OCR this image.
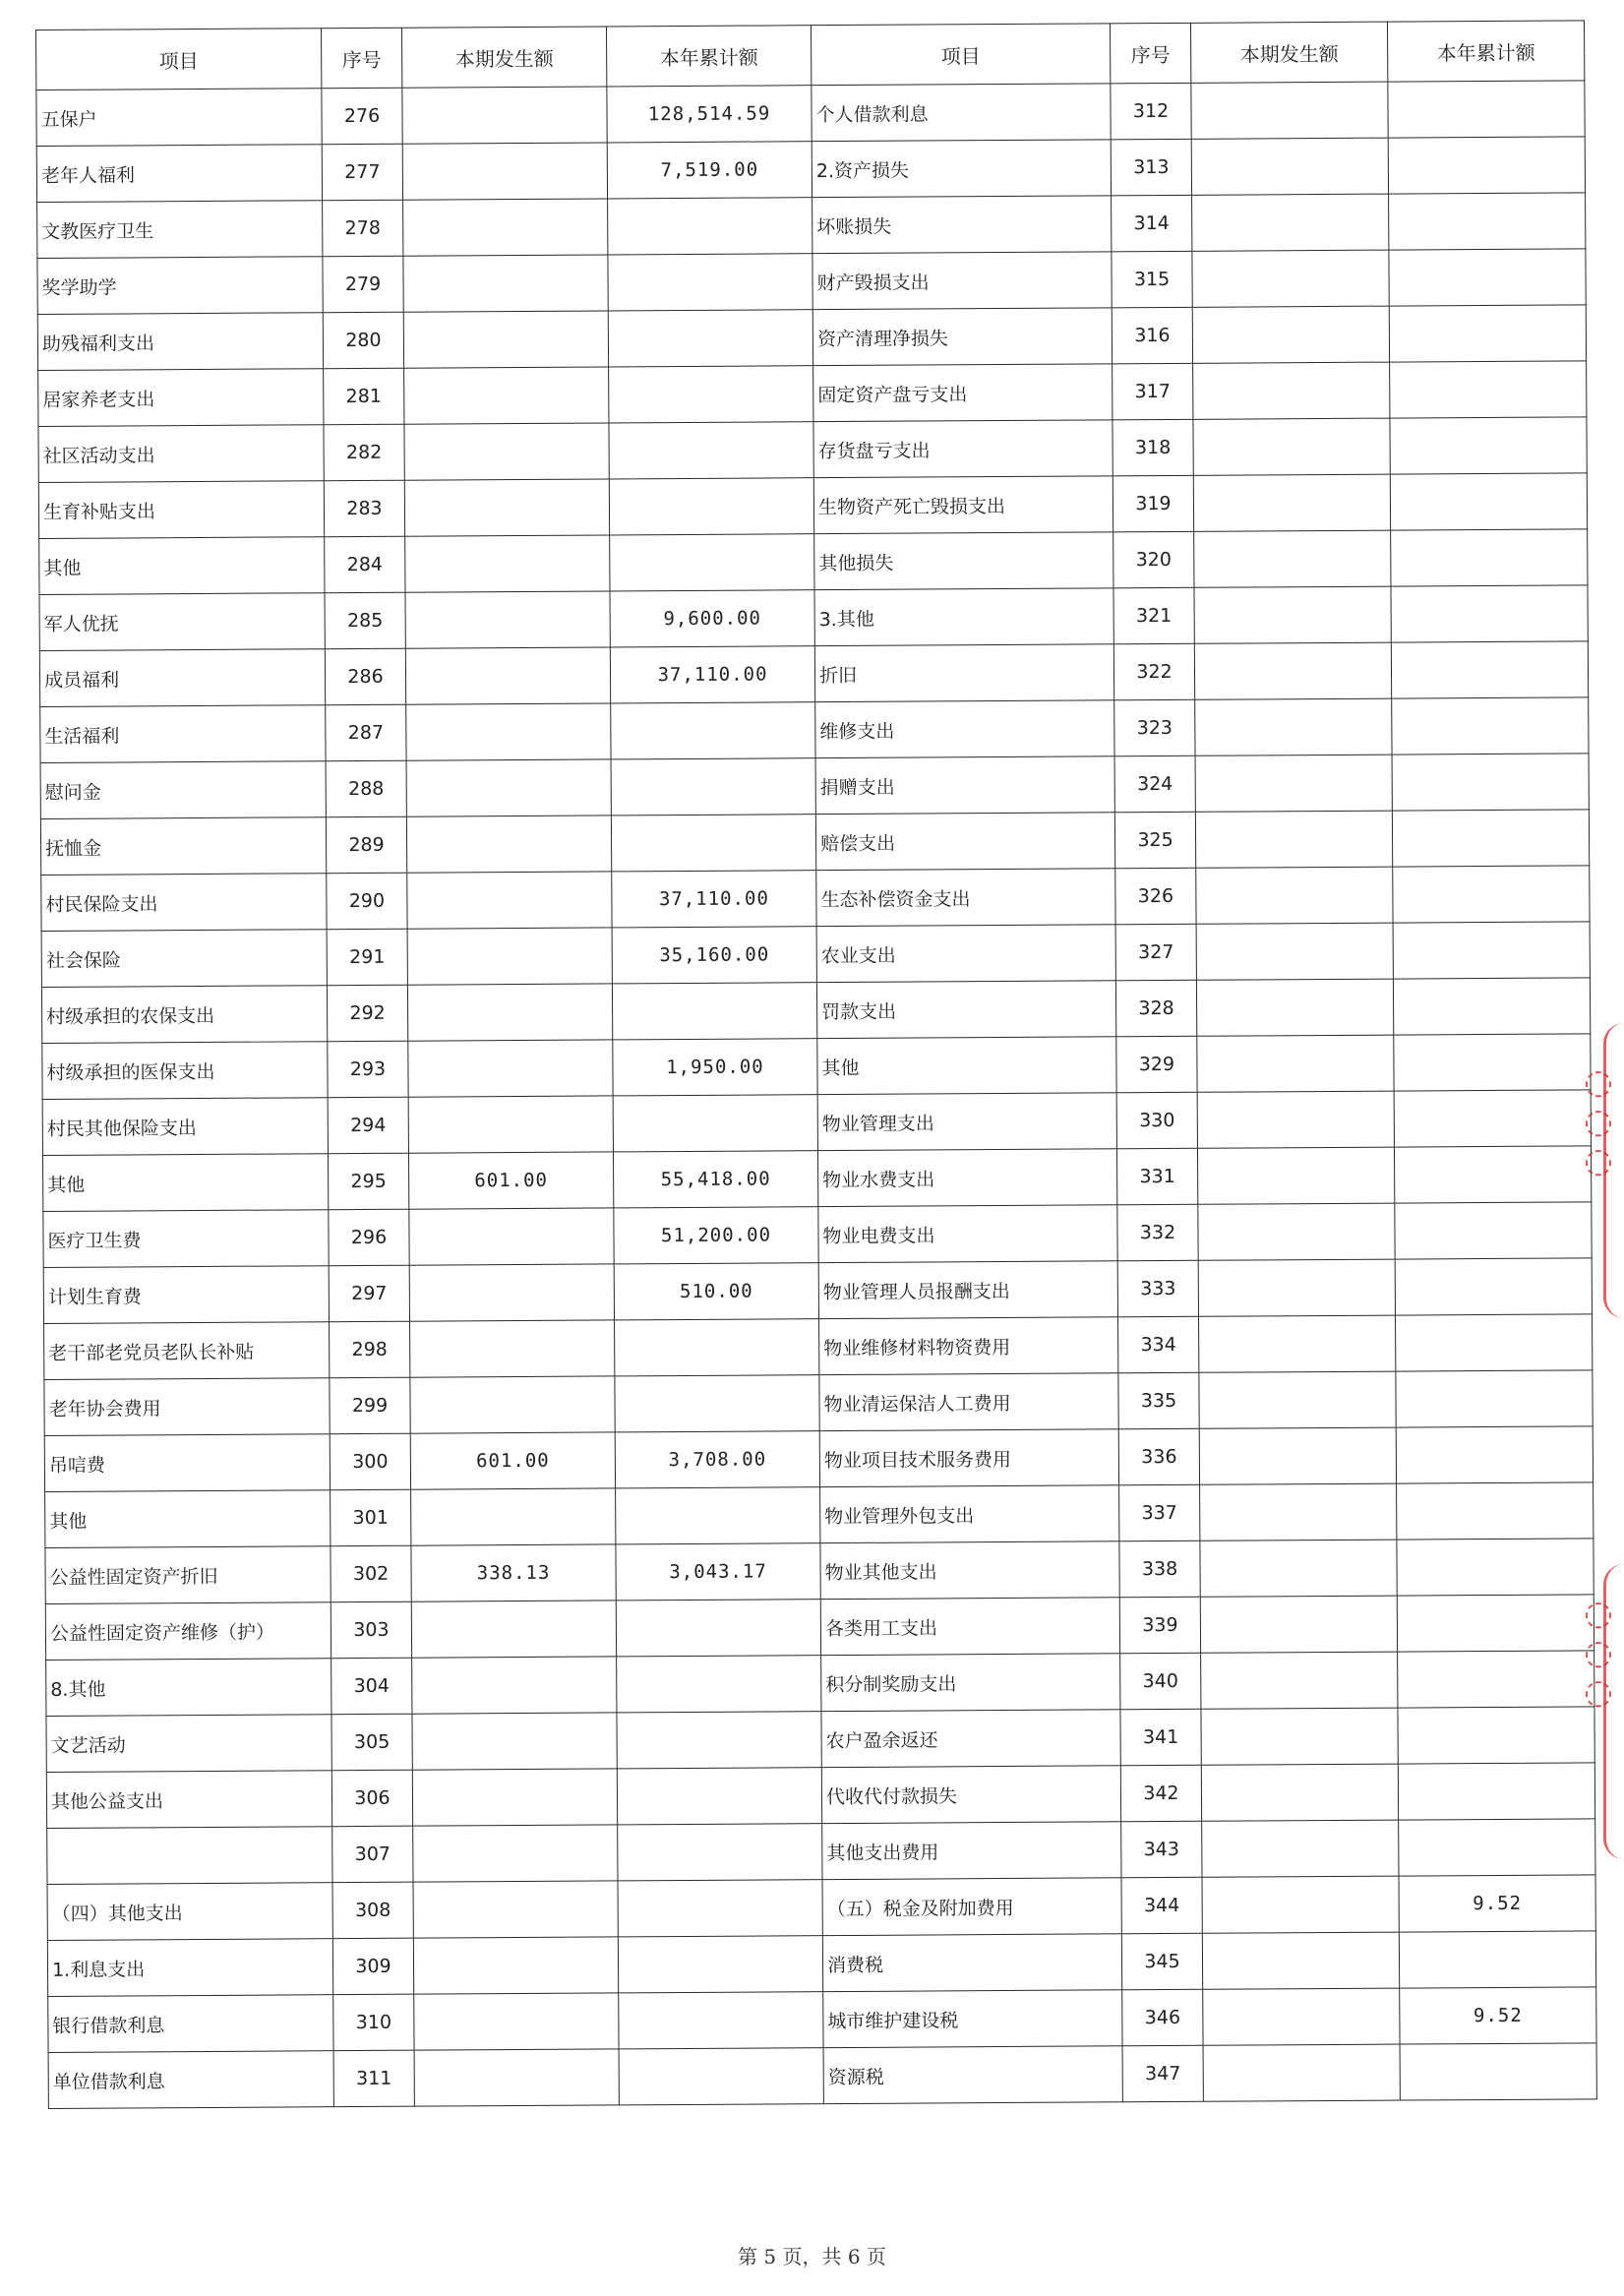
项目	序号	本期发生额	本年累计额	项目	序号	本期发生额	本年累计额
五保户	276		128,514.59	个人借款利息	312		
老年人福利	277		7,519.00	2.资产损失	313		
文教医疗卫生	278			坏账损失	314		
奖学助学	279			财产毁损支出	315		
助残福利支出	280			资产清理净损失	316		
居家养老支出	281			固定资产盘亏支出	317		
社区活动支出	282			存货盘亏支出	318		
生育补贴支出	283			生物资产死亡毁损支出	319		
其他	284			其他损失	320		
军人优抚	285		9,600.00	3.其他	321		
成员福利	286		37,110.00	折旧	322		
生活福利	287			维修支出	323		
慰问金	288			捐赠支出	324		
抚恤金	289			赔偿支出	325		
村民保险支出	290		37,110.00	生态补偿资金支出	326		
社会保险	291		35,160.00	农业支出	327		
村级承担的农保支出	292			罚款支出	328		
村级承担的医保支出	293		1,950.00	其他	329		
村民其他保险支出	294			物业管理支出	330		
其他	295	601.00	55,418.00	物业水费支出	331		
医疗卫生费	296		51,200.00	物业电费支出	332		
计划生育费	297		510.00	物业管理人员报酬支出	333		
老干部老党员老队长补贴	298			物业维修材料物资费用	334		
老年协会费用	299			物业清运保洁人工费用	335		
吊唁费	300	601.00	3,708.00	物业项目技术服务费用	336		
其他	301			物业管理外包支出	337		
公益性固定资产折旧	302	338.13	3,043.17	物业其他支出	338		
公益性固定资产维修（护）	303			各类用工支出	339		
8.其他	304			积分制奖励支出	340		
文艺活动	305			农户盈余返还	341		
其他公益支出	306			代收代付款损失	342		
	307			其他支出费用	343		
（四）其他支出	308			（五）税金及附加费用	344		9.52
1.利息支出	309			消费税	345		
银行借款利息	310			城市维护建设税	346		9.52
单位借款利息	311			资源税	347		
◌◌◌
◌◌◌
第 5 页，共 6 页
